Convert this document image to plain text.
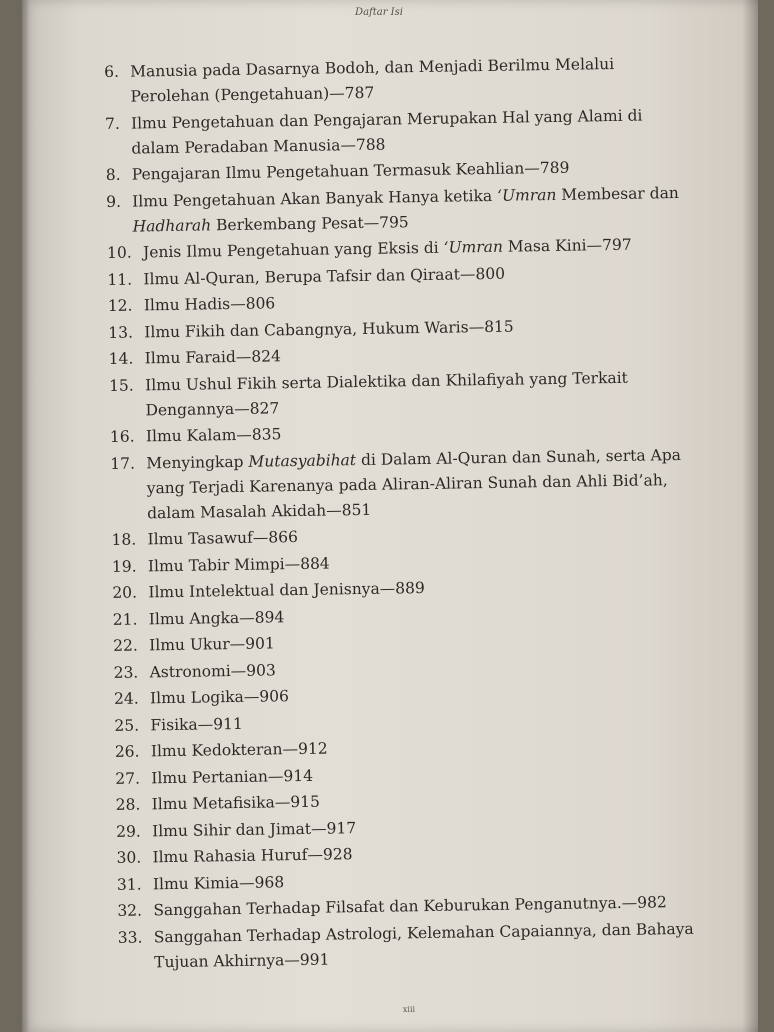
Daftar Isi
6. Manusia pada Dasarnya Bodoh, dan Menjadi Berilmu Melalui Perolehan (Pengetahuan)—787
7. Ilmu Pengetahuan dan Pengajaran Merupakan Hal yang Alami di dalam Peradaban Manusia—788
8. Pengajaran Ilmu Pengetahuan Termasuk Keahlian—789
9. Ilmu Pengetahuan Akan Banyak Hanya ketika ‘Umran Membesar dan Hadharah Berkembang Pesat—795
10. Jenis Ilmu Pengetahuan yang Eksis di ‘Umran Masa Kini—797
11. Ilmu Al-Quran, Berupa Tafsir dan Qiraat—800
12. Ilmu Hadis—806
13. Ilmu Fikih dan Cabangnya, Hukum Waris—815
14. Ilmu Faraid—824
15. Ilmu Ushul Fikih serta Dialektika dan Khilafiyah yang Terkait Dengannya—827
16. Ilmu Kalam—835
17. Menyingkap Mutasyabihat di Dalam Al-Quran dan Sunah, serta Apa yang Terjadi Karenanya pada Aliran-Aliran Sunah dan Ahli Bid’ah, dalam Masalah Akidah—851
18. Ilmu Tasawuf—866
19. Ilmu Tabir Mimpi—884
20. Ilmu Intelektual dan Jenisnya—889
21. Ilmu Angka—894
22. Ilmu Ukur—901
23. Astronomi—903
24. Ilmu Logika—906
25. Fisika—911
26. Ilmu Kedokteran—912
27. Ilmu Pertanian—914
28. Ilmu Metafisika—915
29. Ilmu Sihir dan Jimat—917
30. Ilmu Rahasia Huruf—928
31. Ilmu Kimia—968
32. Sanggahan Terhadap Filsafat dan Keburukan Penganutnya.—982
33. Sanggahan Terhadap Astrologi, Kelemahan Capaiannya, dan Bahaya Tujuan Akhirnya—991
xiii
